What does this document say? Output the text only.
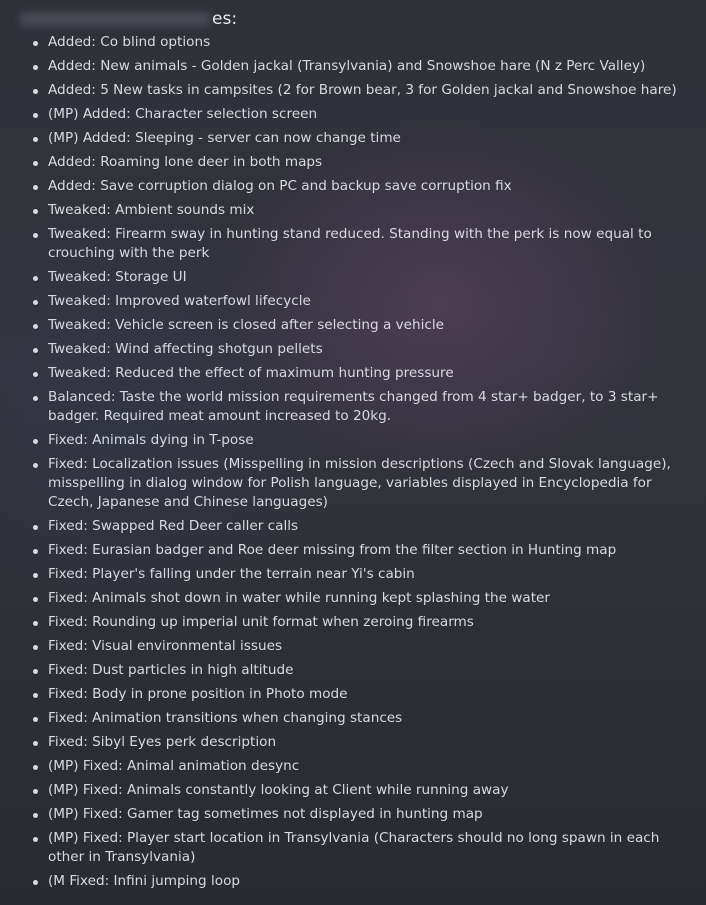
es:
Added: Co blind options
Added: New animals - Golden jackal (Transylvania) and Snowshoe hare (N z Perc Valley)
Added: 5 New tasks in campsites (2 for Brown bear, 3 for Golden jackal and Snowshoe hare)
(MP) Added: Character selection screen
(MP) Added: Sleeping - server can now change time
Added: Roaming lone deer in both maps
Added: Save corruption dialog on PC and backup save corruption fix
Tweaked: Ambient sounds mix
Tweaked: Firearm sway in hunting stand reduced. Standing with the perk is now equal to crouching with the perk
Tweaked: Storage UI
Tweaked: Improved waterfowl lifecycle
Tweaked: Vehicle screen is closed after selecting a vehicle
Tweaked: Wind affecting shotgun pellets
Tweaked: Reduced the effect of maximum hunting pressure
Balanced: Taste the world mission requirements changed from 4 star+ badger, to 3 star+ badger. Required meat amount increased to 20kg.
Fixed: Animals dying in T-pose
Fixed: Localization issues (Misspelling in mission descriptions (Czech and Slovak language), misspelling in dialog window for Polish language, variables displayed in Encyclopedia for Czech, Japanese and Chinese languages)
Fixed: Swapped Red Deer caller calls
Fixed: Eurasian badger and Roe deer missing from the filter section in Hunting map
Fixed: Player's falling under the terrain near Yi's cabin
Fixed: Animals shot down in water while running kept splashing the water
Fixed: Rounding up imperial unit format when zeroing firearms
Fixed: Visual environmental issues
Fixed: Dust particles in high altitude
Fixed: Body in prone position in Photo mode
Fixed: Animation transitions when changing stances
Fixed: Sibyl Eyes perk description
(MP) Fixed: Animal animation desync
(MP) Fixed: Animals constantly looking at Client while running away
(MP) Fixed: Gamer tag sometimes not displayed in hunting map
(MP) Fixed: Player start location in Transylvania (Characters should no long spawn in each other in Transylvania)
(M Fixed: Infini jumping loop
